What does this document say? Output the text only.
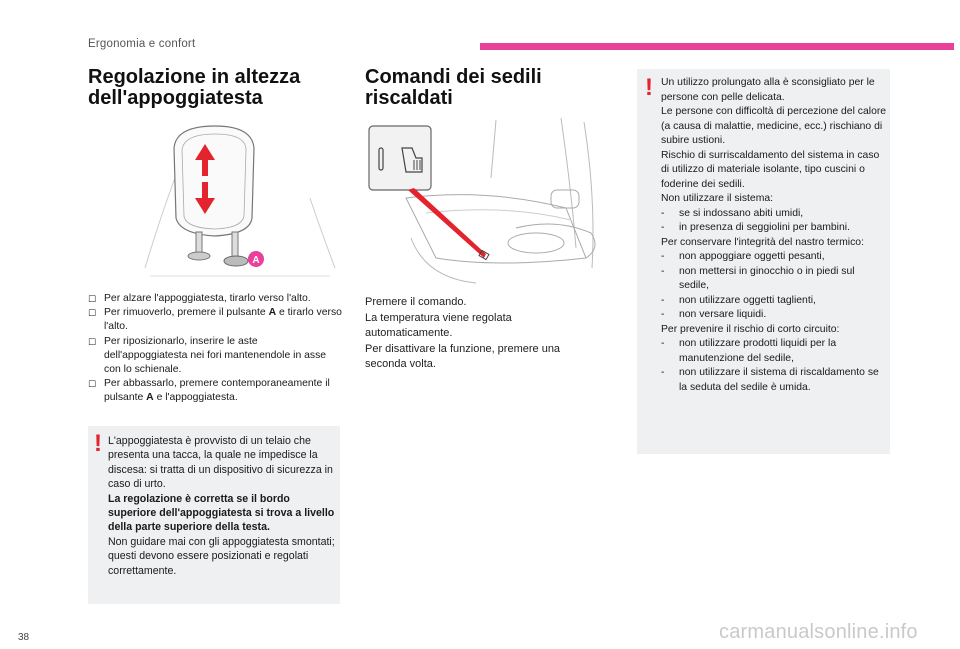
Ergonomia e confort
Regolazione in altezza dell'appoggiatesta
A
☐ Per alzare l'appoggiatesta, tirarlo verso l'alto.
☐ Per rimuoverlo, premere il pulsante A e tirarlo verso l'alto.
☐ Per riposizionarlo, inserire le aste dell'appoggiatesta nei fori mantenendole in asse con lo schienale.
☐ Per abbassarlo, premere contemporaneamente il pulsante A e l'appoggiatesta.
! L'appoggiatesta è provvisto di un telaio che presenta una tacca, la quale ne impedisce la discesa: si tratta di un dispositivo di sicurezza in caso di urto.
La regolazione è corretta se il bordo superiore dell'appoggiatesta si trova a livello della parte superiore della testa.
Non guidare mai con gli appoggiatesta smontati; questi devono essere posizionati e regolati correttamente.
Comandi dei sedili riscaldati
Premere il comando.
La temperatura viene regolata automaticamente.
Per disattivare la funzione, premere una seconda volta.
! Un utilizzo prolungato alla è sconsigliato per le persone con pelle delicata.
Le persone con difficoltà di percezione del calore (a causa di malattie, medicine, ecc.) rischiano di subire ustioni.
Rischio di surriscaldamento del sistema in caso di utilizzo di materiale isolante, tipo cuscini o foderine dei sedili.
Non utilizzare il sistema:
- se si indossano abiti umidi,
- in presenza di seggiolini per bambini.
Per conservare l'integrità del nastro termico:
- non appoggiare oggetti pesanti,
- non mettersi in ginocchio o in piedi sul sedile,
- non utilizzare oggetti taglienti,
- non versare liquidi.
Per prevenire il rischio di corto circuito:
- non utilizzare prodotti liquidi per la manutenzione del sedile,
- non utilizzare il sistema di riscaldamento se la seduta del sedile è umida.
38	carmanualsonline.info
